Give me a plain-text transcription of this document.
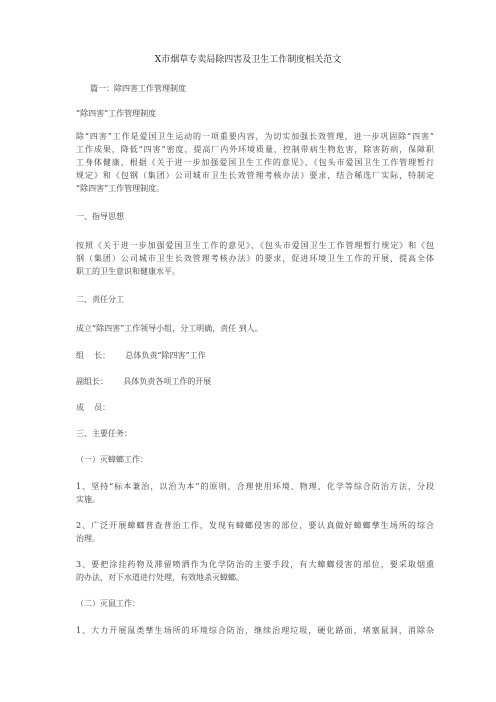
X市烟草专卖局除四害及卫生工作制度相关范文
篇一：除四害工作管理制度
“除四害”工作管理制度
除“四害”工作是爱国卫生运动的一项重要内容，为切实加强长效管理，进一步巩固除“四害”
工作成果，降低“四害”密度，提高厂内外环境质量，控制带病生物危害，除害防病，保障职
工身体健康，根据《关于进一步加强爱国卫生工作的意见》、《包头市爱国卫生工作管理暂行
规定》和《包钢（集团）公司城市卫生长效管理考核办法》要求，结合稀选厂实际，特制定
“除四害”工作管理制度。
一、指导思想
按照《关于进一步加强爱国卫生工作的意见》、《包头市爱国卫生工作管理暂行规定》和《包
钢（集团）公司城市卫生长效管理考核办法》的要求，促进环境卫生工作的开展，提高全体
职工的卫生意识和健康水平。
二、责任分工
成立“除四害”工作领导小组，分工明确，责任 到人。
组    长：      总体负责“除四害”工作
副组长：      具体负责各项工作的开展
成    员：
三、主要任务：
（一）灭蟑螂工作：
1、坚持“标本兼治，以治为本”的原则，合理使用环境、物理、化学等综合防治方法，分段
实施。
2、广泛开展蟑螂普查普治工作，发现有蟑螂侵害的部位，要认真做好蟑螂孳生场所的综合
治理。
3、要把涂挂药物及滞留喷洒作为化学防治的主要手段，有大蟑螂侵害的部位，要采取烟熏
的办法，对下水道进行处理，有效地杀灭蟑螂。
（二）灭鼠工作：
1、大力开展鼠类孳生场所的环境综合防治，继续治理垃圾，硬化路面，堵塞鼠洞，消除杂
